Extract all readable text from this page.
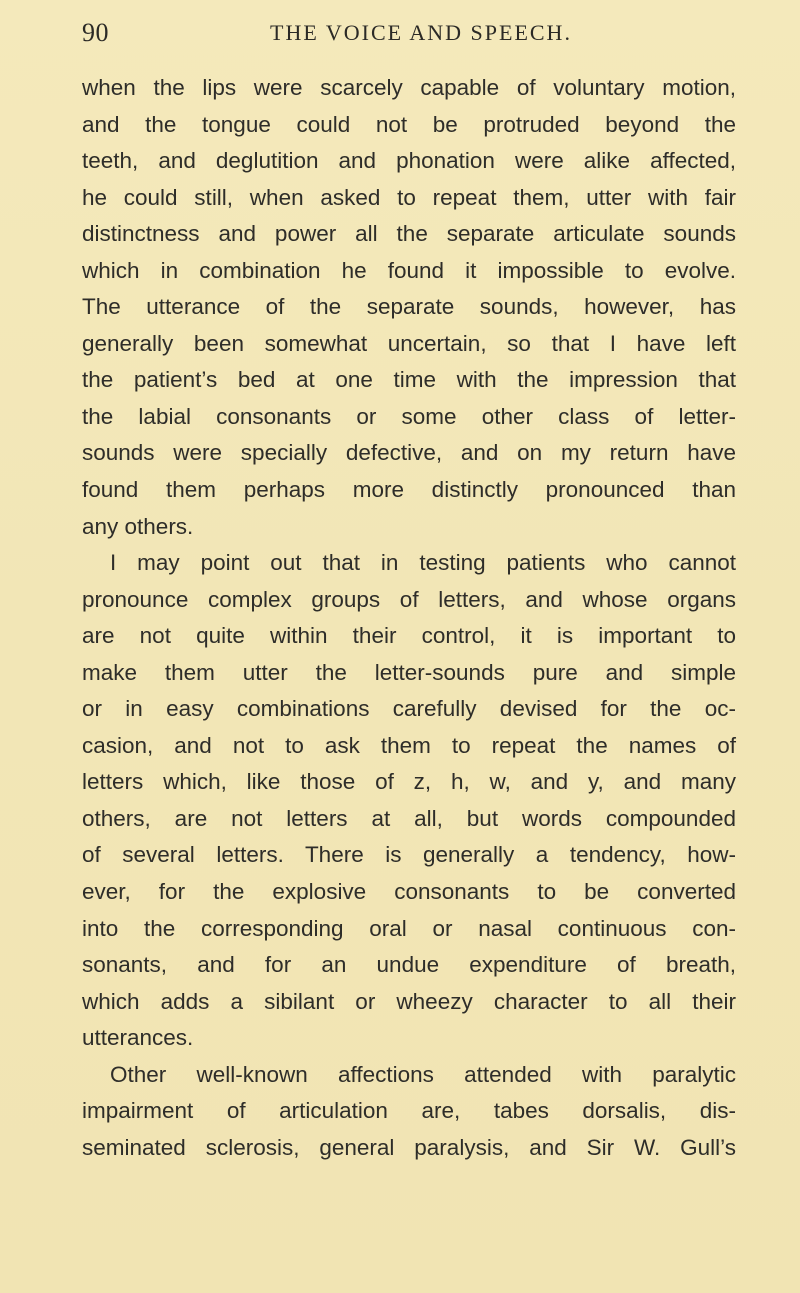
90	THE VOICE AND SPEECH.
when the lips were scarcely capable of voluntary motion,
and the tongue could not be protruded beyond the
teeth, and deglutition and phonation were alike affected,
he could still, when asked to repeat them, utter with fair
distinctness and power all the separate articulate sounds
which in combination he found it impossible to evolve.
The utterance of the separate sounds, however, has
generally been somewhat uncertain, so that I have left
the patient’s bed at one time with the impression that
the labial consonants or some other class of letter-
sounds were specially defective, and on my return have
found them perhaps more distinctly pronounced than
any others.
I may point out that in testing patients who cannot
pronounce complex groups of letters, and whose organs
are not quite within their control, it is important to
make them utter the letter-sounds pure and simple
or in easy combinations carefully devised for the oc-
casion, and not to ask them to repeat the names of
letters which, like those of z, h, w, and y, and many
others, are not letters at all, but words compounded
of several letters. There is generally a tendency, how-
ever, for the explosive consonants to be converted
into the corresponding oral or nasal continuous con-
sonants, and for an undue expenditure of breath,
which adds a sibilant or wheezy character to all their
utterances.
Other well-known affections attended with paralytic
impairment of articulation are, tabes dorsalis, dis-
seminated sclerosis, general paralysis, and Sir W. Gull’s
